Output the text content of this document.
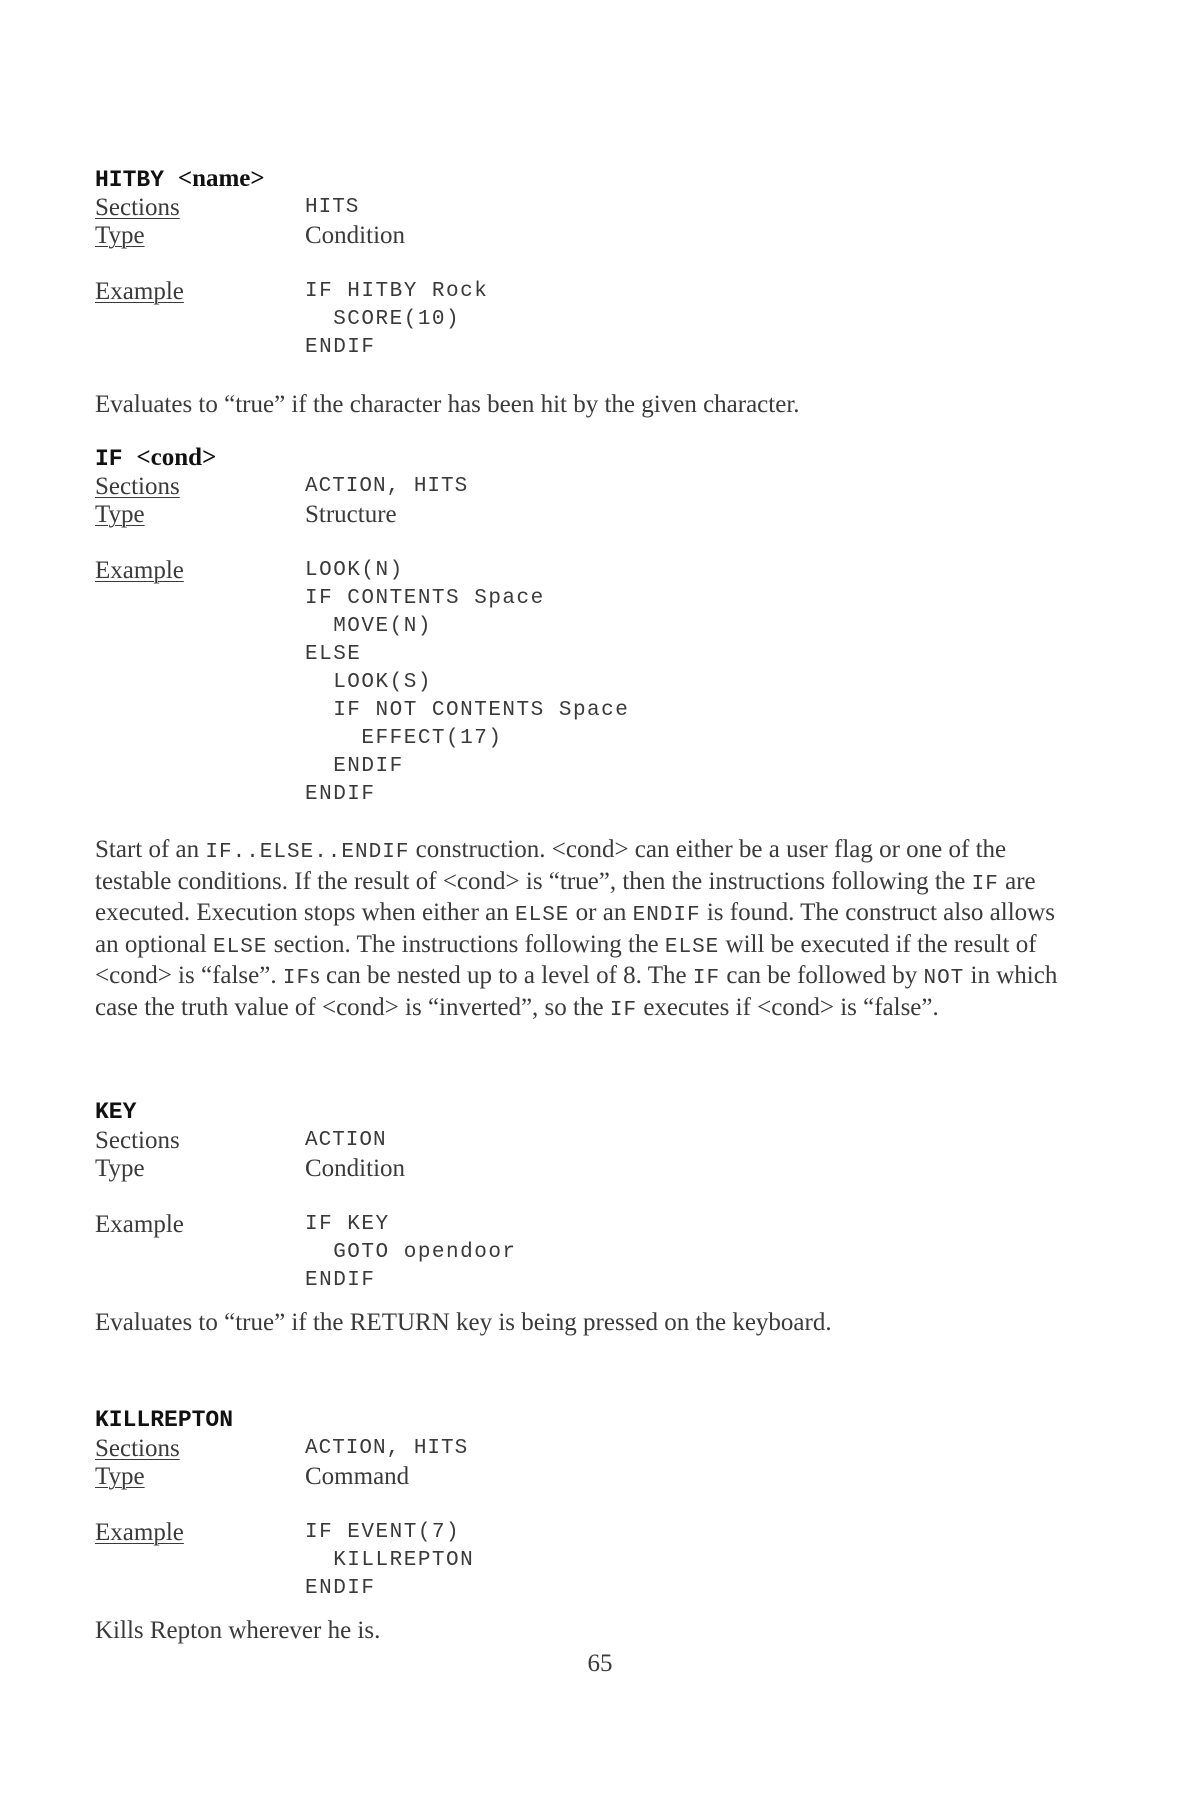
HITBY <name>
Sections	HITS
Type	Condition
Example	IF HITBY Rock
SCORE(10)
ENDIF

Evaluates to “true” if the character has been hit by the given character.

IF <cond>
Sections	ACTION, HITS
Type	Structure
Example	LOOK(N)
IF CONTENTS Space
MOVE(N)
ELSE
LOOK(S)
IF NOT CONTENTS Space
EFFECT(17)
ENDIF
ENDIF

Start of an IF..ELSE..ENDIF construction. <cond> can either be a user flag or one of the testable conditions. If the result of <cond> is “true”, then the instructions following the IF are executed. Execution stops when either an ELSE or an ENDIF is found. The construct also allows an optional ELSE section. The instructions following the ELSE will be executed if the result of <cond> is “false”. IFs can be nested up to a level of 8. The IF can be followed by NOT in which case the truth value of <cond> is “inverted”, so the IF executes if <cond> is “false”.

KEY
Sections	ACTION
Type	Condition
Example	IF KEY
GOTO opendoor
ENDIF

Evaluates to “true” if the RETURN key is being pressed on the keyboard.

KILLREPTON
Sections	ACTION, HITS
Type	Command
Example	IF EVENT(7)
KILLREPTON
ENDIF

Kills Repton wherever he is.

65
